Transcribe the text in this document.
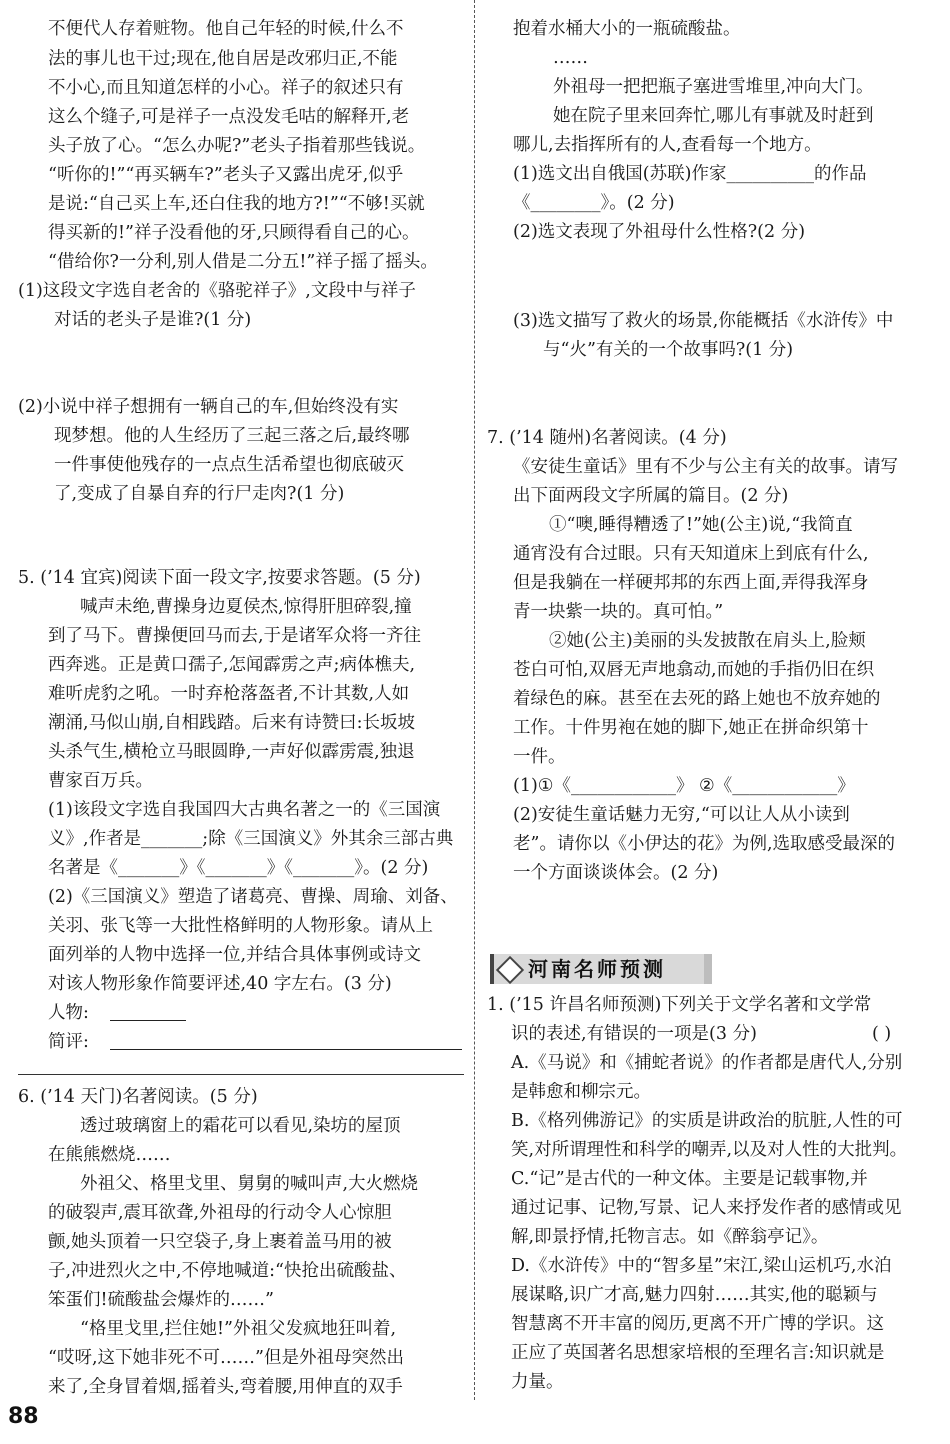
不便代人存着赃物。他自己年轻的时候,什么不
法的事儿也干过;现在,他自居是改邪归正,不能
不小心,而且知道怎样的小心。祥子的叙述只有
这么个缝子,可是祥子一点没发毛咕的解释开,老
头子放了心。“怎么办呢?”老头子指着那些钱说。
“听你的!”“再买辆车?”老头子又露出虎牙,似乎
是说:“自己买上车,还白住我的地方?!”“不够!买就
得买新的!”祥子没看他的牙,只顾得看自己的心。
“借给你?一分利,别人借是二分五!”祥子摇了摇头。
(1)这段文字选自老舍的《骆驼祥子》,文段中与祥子
对话的老头子是谁?(1 分)
(2)小说中祥子想拥有一辆自己的车,但始终没有实
现梦想。他的人生经历了三起三落之后,最终哪
一件事使他残存的一点点生活希望也彻底破灭
了,变成了自暴自弃的行尸走肉?(1 分)
5. (’14 宜宾)阅读下面一段文字,按要求答题。(5 分)
喊声未绝,曹操身边夏侯杰,惊得肝胆碎裂,撞
到了马下。曹操便回马而去,于是诸军众将一齐往
西奔逃。正是黄口孺子,怎闻霹雳之声;病体樵夫,
难听虎豹之吼。一时弃枪落盔者,不计其数,人如
潮涌,马似山崩,自相践踏。后来有诗赞曰:长坂坡
头杀气生,横枪立马眼圆睁,一声好似霹雳震,独退
曹家百万兵。
(1)该段文字选自我国四大古典名著之一的《三国演
义》,作者是_______;除《三国演义》外其余三部古典
名著是《_______》《_______》《_______》。(2 分)
(2)《三国演义》塑造了诸葛亮、曹操、周瑜、刘备、
关羽、张飞等一大批性格鲜明的人物形象。请从上
面列举的人物中选择一位,并结合具体事例或诗文
对该人物形象作简要评述,40 字左右。(3 分)
人物:
简评:
6. (’14 天门)名著阅读。(5 分)
透过玻璃窗上的霜花可以看见,染坊的屋顶
在熊熊燃烧……
外祖父、格里戈里、舅舅的喊叫声,大火燃烧
的破裂声,震耳欲聋,外祖母的行动令人心惊胆
颤,她头顶着一只空袋子,身上裹着盖马用的被
子,冲进烈火之中,不停地喊道:“快抢出硫酸盐、
笨蛋们!硫酸盐会爆炸的……”
“格里戈里,拦住她!”外祖父发疯地狂叫着,
“哎呀,这下她非死不可……”但是外祖母突然出
来了,全身冒着烟,摇着头,弯着腰,用伸直的双手
抱着水桶大小的一瓶硫酸盐。
……
外祖母一把把瓶子塞进雪堆里,冲向大门。
她在院子里来回奔忙,哪儿有事就及时赶到
哪儿,去指挥所有的人,查看每一个地方。
(1)选文出自俄国(苏联)作家__________的作品
《________》。(2 分)
(2)选文表现了外祖母什么性格?(2 分)
(3)选文描写了救火的场景,你能概括《水浒传》中
与“火”有关的一个故事吗?(1 分)
7. (’14 随州)名著阅读。(4 分)
《安徒生童话》里有不少与公主有关的故事。请写
出下面两段文字所属的篇目。(2 分)
①“噢,睡得糟透了!”她(公主)说,“我简直
通宵没有合过眼。只有天知道床上到底有什么,
但是我躺在一样硬邦邦的东西上面,弄得我浑身
青一块紫一块的。真可怕。”
②她(公主)美丽的头发披散在肩头上,脸颊
苍白可怕,双唇无声地翕动,而她的手指仍旧在织
着绿色的麻。甚至在去死的路上她也不放弃她的
工作。十件男袍在她的脚下,她正在拼命织第十
一件。
(1)①《____________》 ②《____________》
(2)安徒生童话魅力无穷,“可以让人从小读到
老”。请你以《小伊达的花》为例,选取感受最深的
一个方面谈谈体会。(2 分)
1. (’15 许昌名师预测)下列关于文学名著和文学常
识的表述,有错误的一项是(3 分)	( )
A.《马说》和《捕蛇者说》的作者都是唐代人,分别
是韩愈和柳宗元。
B.《格列佛游记》的实质是讲政治的肮脏,人性的可
笑,对所谓理性和科学的嘲弄,以及对人性的大批判。
C.“记”是古代的一种文体。主要是记载事物,并
通过记事、记物,写景、记人来抒发作者的感情或见
解,即景抒情,托物言志。如《醉翁亭记》。
D.《水浒传》中的“智多星”宋江,梁山运机巧,水泊
展谋略,识广才高,魅力四射……其实,他的聪颖与
智慧离不开丰富的阅历,更离不开广博的学识。这
正应了英国著名思想家培根的至理名言:知识就是
力量。
河南名师预测
88
